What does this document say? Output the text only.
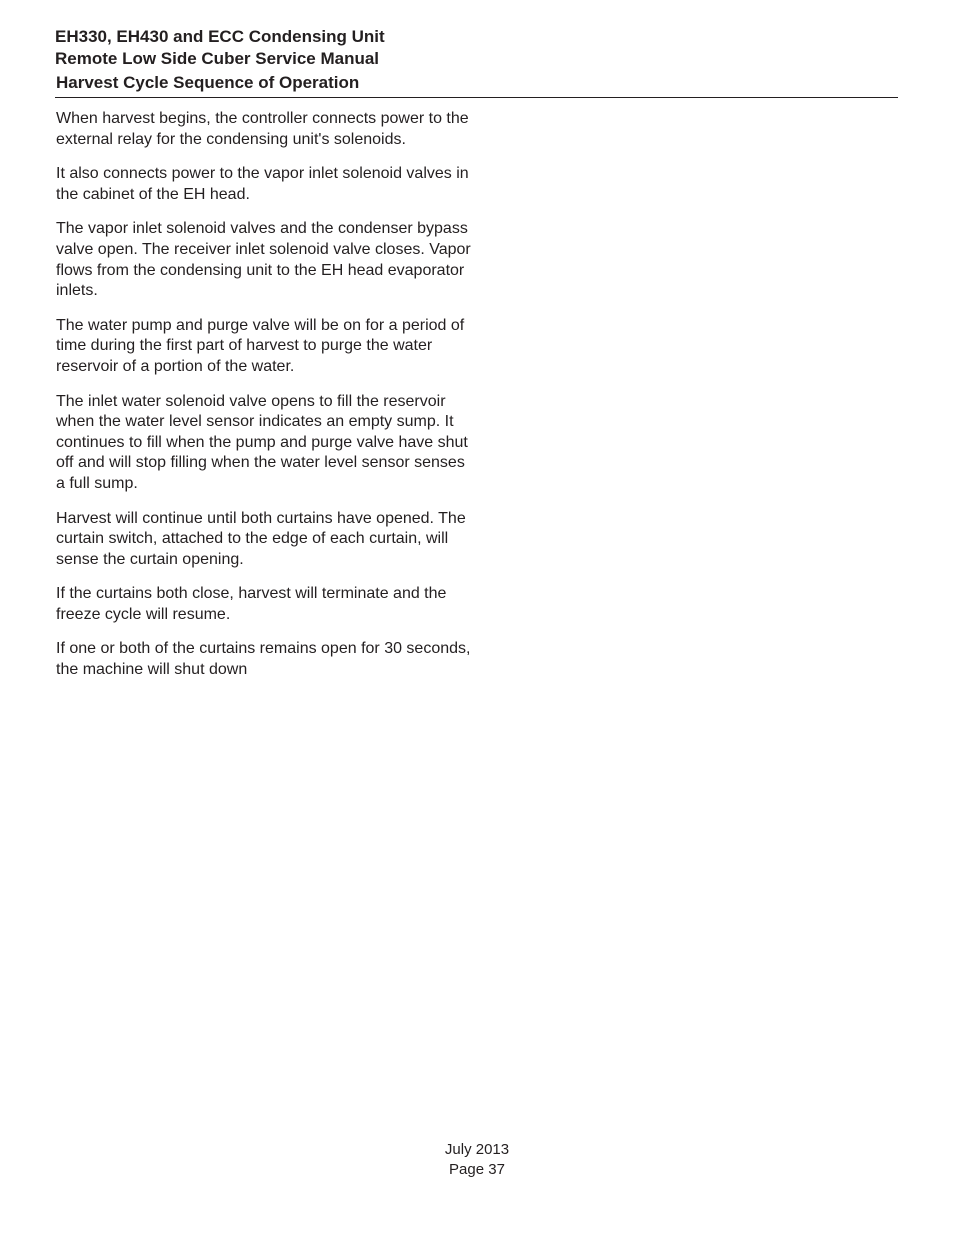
EH330, EH430 and ECC Condensing Unit
Remote Low Side Cuber Service Manual
Harvest Cycle Sequence of Operation

When harvest begins, the controller connects power to the external relay for the condensing unit's solenoids.

It also connects power to the vapor inlet solenoid valves in the cabinet of the EH head.

The vapor inlet solenoid valves and the condenser bypass valve open. The receiver inlet solenoid valve closes. Vapor flows from the condensing unit to the EH head evaporator inlets.

The water pump and purge valve will be on for a period of time during the first part of harvest to purge the water reservoir of a portion of the water.

The inlet water solenoid valve opens to fill the reservoir when the water level sensor indicates an empty sump. It continues to fill when the pump and purge valve have shut off and will stop filling when the water level sensor senses a full sump.

Harvest will continue until both curtains have opened. The curtain switch, attached to the edge of each curtain, will sense the curtain opening.

If the curtains both close, harvest will terminate and the freeze cycle will resume.

If one or both of the curtains remains open for 30 seconds, the machine will shut down

July 2013
Page 37
